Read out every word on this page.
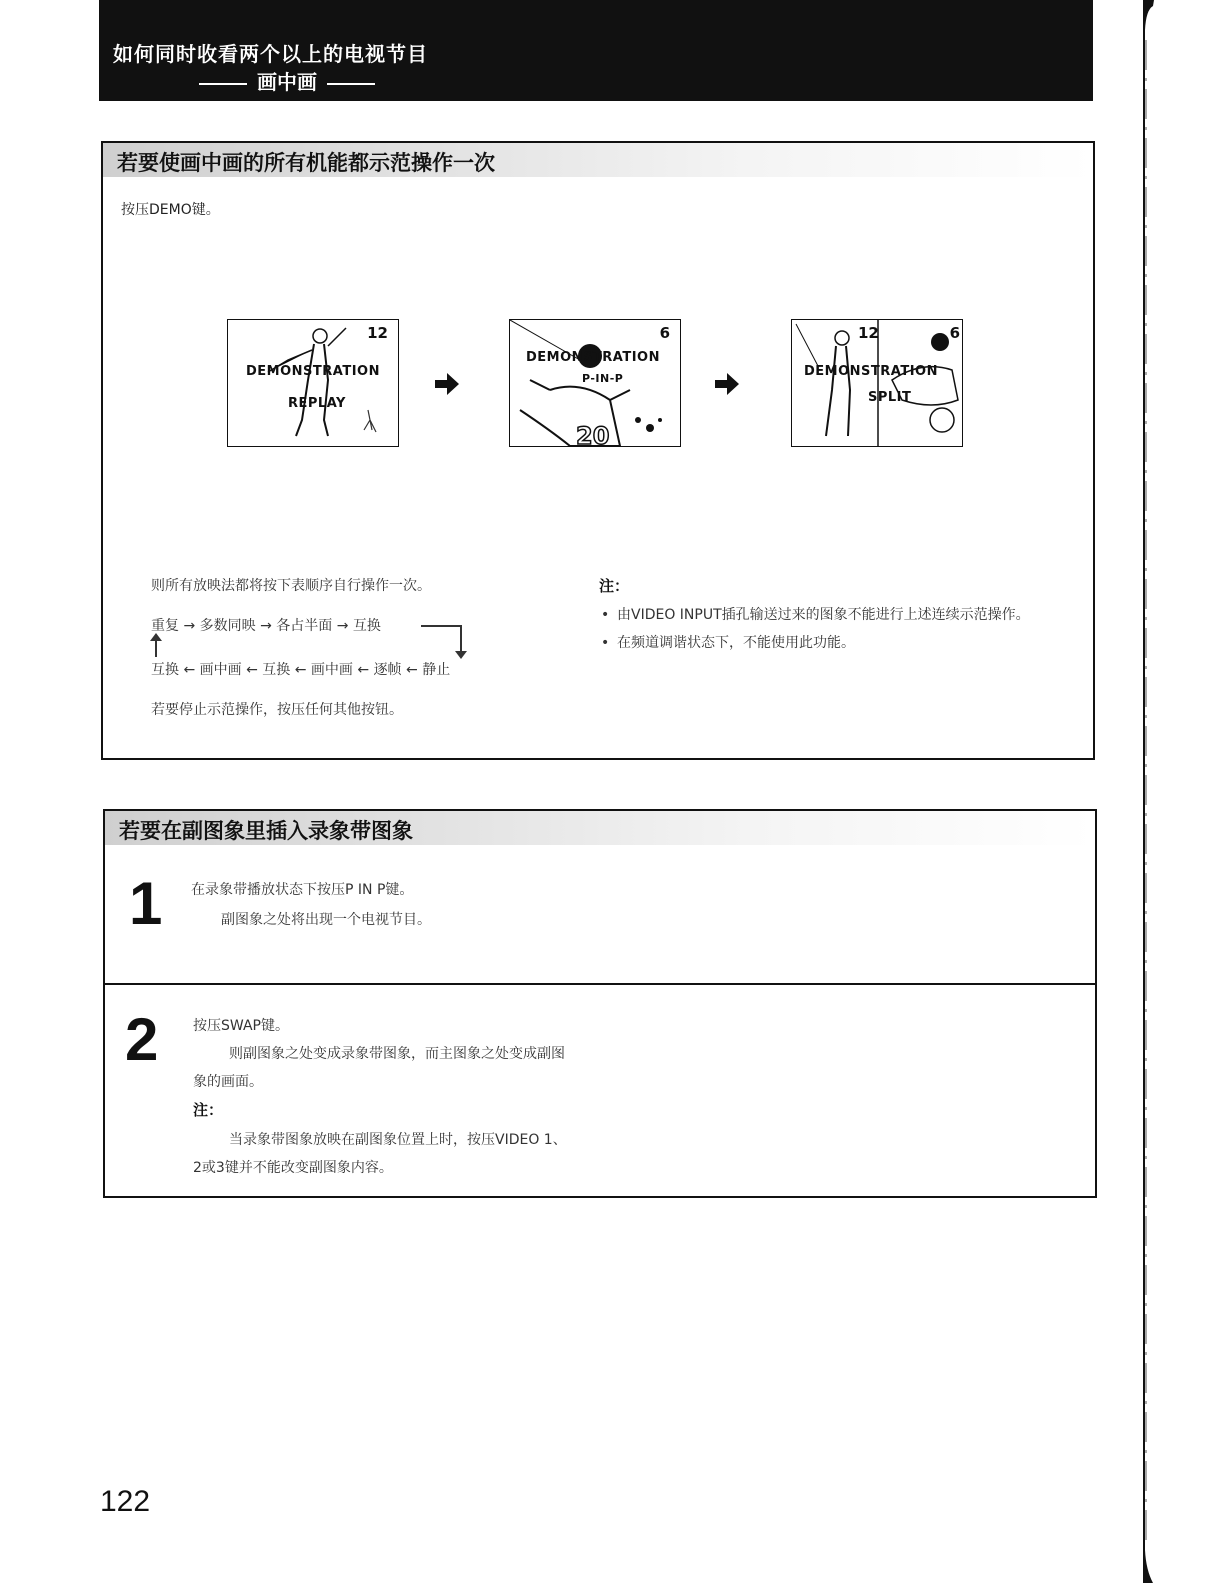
如何同时收看两个以上的电视节目
画中画
若要使画中画的所有机能都示范操作一次
按压DEMO键。
12
DEMONSTRATION
REPLAY
20
6
DEMONSTRATION
P-IN-P
12	6
DEMONSTRATION
SPLIT
则所有放映法都将按下表顺序自行操作一次。
重复 → 多数同映 → 各占半面 → 互换
互换 ← 画中画 ← 互换 ← 画中画 ← 逐帧 ← 静止
若要停止示范操作，按压任何其他按钮。
注：
• 由VIDEO INPUT插孔输送过来的图象不能进行上述连续示范操作。
• 在频道调谐状态下，不能使用此功能。
若要在副图象里插入录象带图象
1 在录象带播放状态下按压P IN P键。
副图象之处将出现一个电视节目。
2 按压SWAP键。
则副图象之处变成录象带图象，而主图象之处变成副图
象的画面。
注：
当录象带图象放映在副图象位置上时，按压VIDEO 1、
2或3键并不能改变副图象内容。
122
